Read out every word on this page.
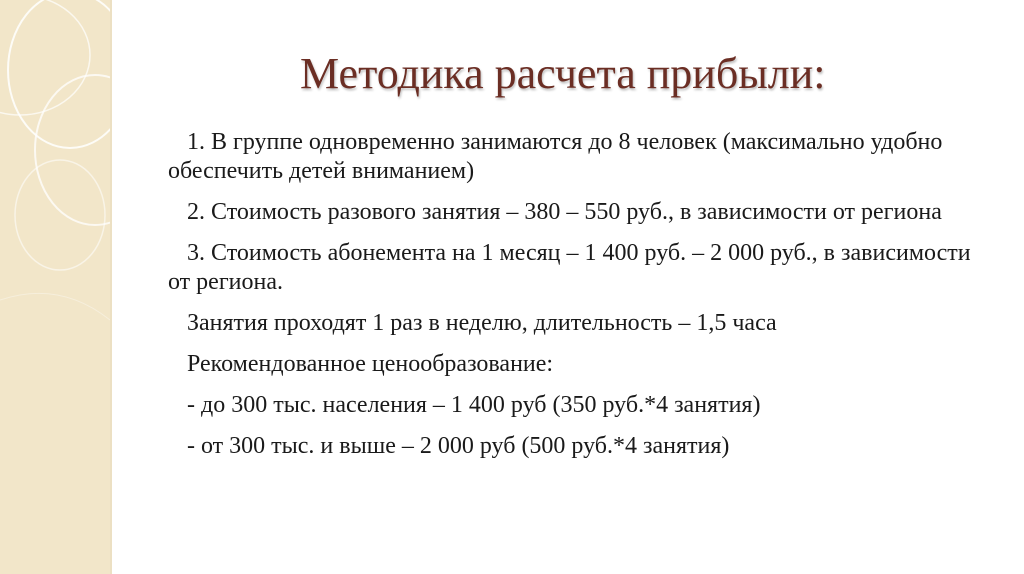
Методика расчета прибыли:

1. В группе одновременно занимаются до 8 человек (максимально удобно обеспечить детей вниманием)

2. Стоимость разового занятия – 380 – 550 руб., в зависимости от региона

3. Стоимость абонемента на 1 месяц – 1 400 руб. – 2 000 руб., в зависимости от региона.

Занятия проходят 1 раз в неделю, длительность – 1,5 часа

Рекомендованное ценообразование:

- до 300 тыс. населения – 1 400 руб (350 руб.*4 занятия)

- от 300 тыс. и выше – 2 000 руб (500 руб.*4 занятия)
